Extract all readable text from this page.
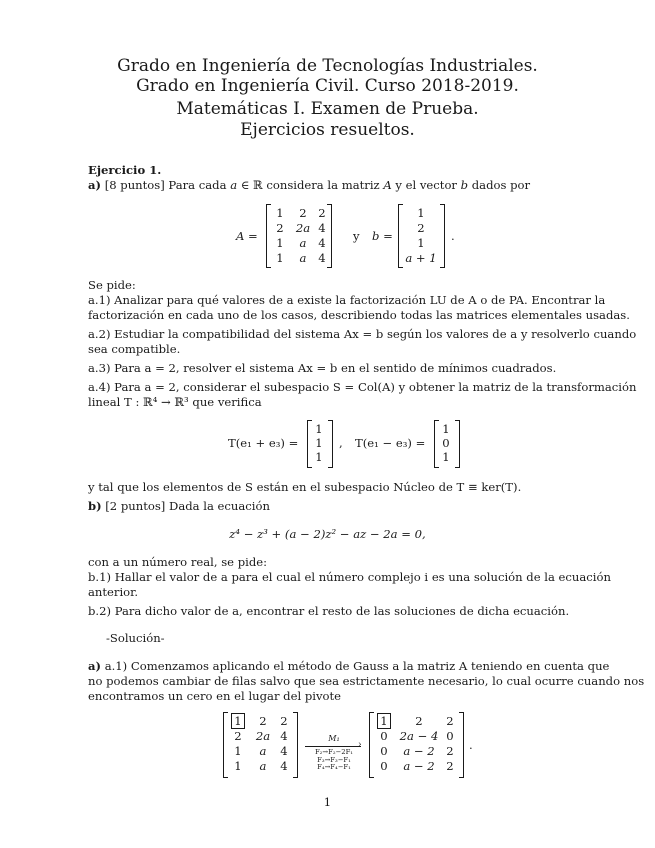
Grado en Ingeniería de Tecnologías Industriales.
Grado en Ingeniería Civil. Curso 2018-2019.
Matemáticas I. Examen de Prueba.
Ejercicios resueltos.
Ejercicio 1.
a) [8 puntos] Para cada a ∈ ℝ considera la matriz A y el vector b dados por
A =
1	2	2
2	2a 4
1	a	4
1	a	4
y b =
1
2
1
a + 1
.
Se pide:
a.1) Analizar para qué valores de a existe la factorización LU de A o de PA. Encontrar la
factorización en cada uno de los casos, describiendo todas las matrices elementales usadas.
a.2) Estudiar la compatibilidad del sistema Ax = b según los valores de a y resolverlo cuando
sea compatible.
a.3) Para a = 2, resolver el sistema Ax = b en el sentido de mínimos cuadrados.
a.4) Para a = 2, considerar el subespacio S = Col(A) y obtener la matriz de la transformación
lineal T : ℝ⁴ → ℝ³ que verifica
T(e₁ + e₃) =
1
1
1
, T(e₁ − e₃) =
1
0
1
y tal que los elementos de S están en el subespacio Núcleo de T ≡ ker(T).
b) [2 puntos] Dada la ecuación
z⁴ − z³ + (a − 2)z² − az − 2a = 0,
con a un número real, se pide:
b.1) Hallar el valor de a para el cual el número complejo i es una solución de la ecuación
anterior.
b.2) Para dicho valor de a, encontrar el resto de las soluciones de dicha ecuación.
-Solución-
a) a.1) Comenzamos aplicando el método de Gauss a la matriz A teniendo en cuenta que
no podemos cambiar de filas salvo que sea estrictamente necesario, lo cual ocurre cuando nos
encontramos un cero en el lugar del pivote
1	2	2
2	2a 4
1	a	4
1	a	4
M₁
›
F₂→F₂−2F₁
F₃→F₃−F₁
F₄→F₄−F₁
1	2	2
0	2a − 4 0
0	a − 2	2
0	a − 2	2
.
1
